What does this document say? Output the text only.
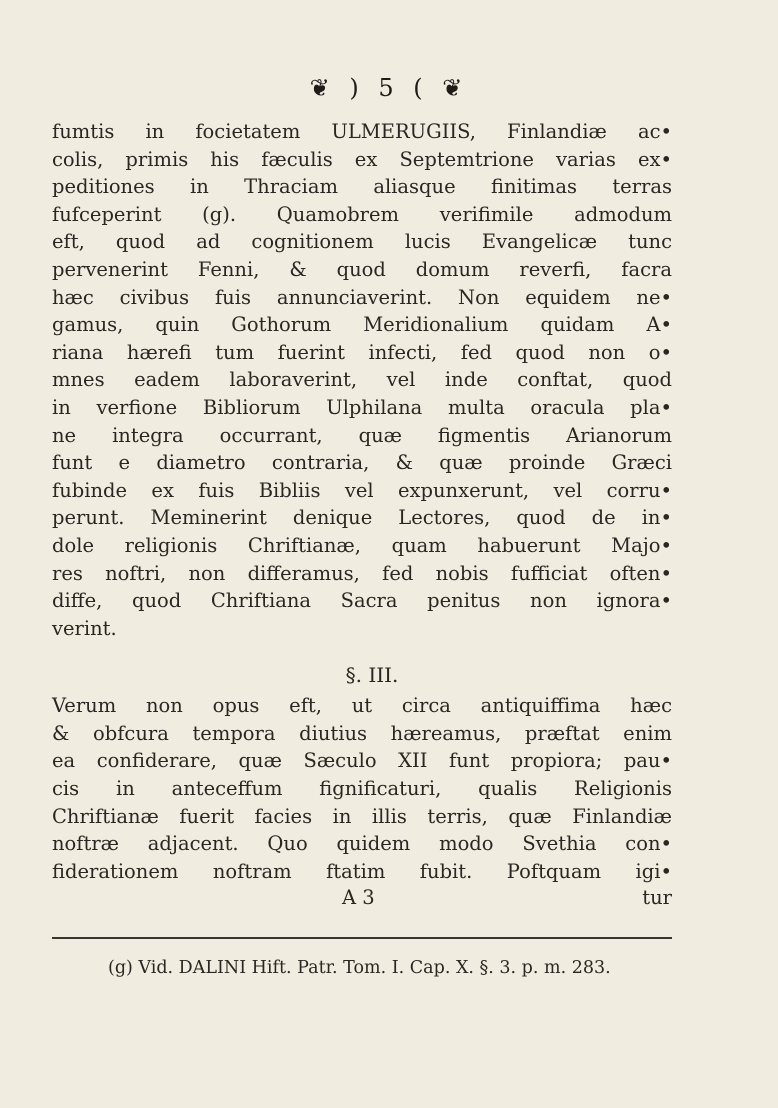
❦ ) 5 ( ❦
fumtis in focietatem ULMERUGIIS, Finlandiæ ac•
colis, primis his fæculis ex Septemtrione varias ex•
peditiones in Thraciam aliasque finitimas terras
fufceperint (g). Quamobrem verifimile admodum
eft, quod ad cognitionem lucis Evangelicæ tunc
pervenerint Fenni, & quod domum reverfi, facra
hæc civibus fuis annunciaverint. Non equidem ne•
gamus, quin Gothorum Meridionalium quidam A•
riana hærefi tum fuerint infecti, fed quod non o•
mnes eadem laboraverint, vel inde conftat, quod
in verfione Bibliorum Ulphilana multa oracula pla•
ne integra occurrant, quæ figmentis Arianorum
funt e diametro contraria, & quæ proinde Græci
fubinde ex fuis Bibliis vel expunxerunt, vel corru•
perunt. Meminerint denique Lectores, quod de in•
dole religionis Chriftianæ, quam habuerunt Majo•
res noftri, non differamus, fed nobis fufficiat often•
diffe, quod Chriftiana Sacra penitus non ignora•
verint.
§. III.
Verum non opus eft, ut circa antiquiffima hæc
& obfcura tempora diutius hæreamus, præftat enim
ea confiderare, quæ Sæculo XII funt propiora; pau•
cis in anteceffum fignificaturi, qualis Religionis
Chriftianæ fuerit facies in illis terris, quæ Finlandiæ
noftræ adjacent. Quo quidem modo Svethia con•
fiderationem noftram ftatim fubit. Poftquam igi•
A 3	tur
(g) Vid. DALINI Hift. Patr. Tom. I. Cap. X. §. 3. p. m. 283.
